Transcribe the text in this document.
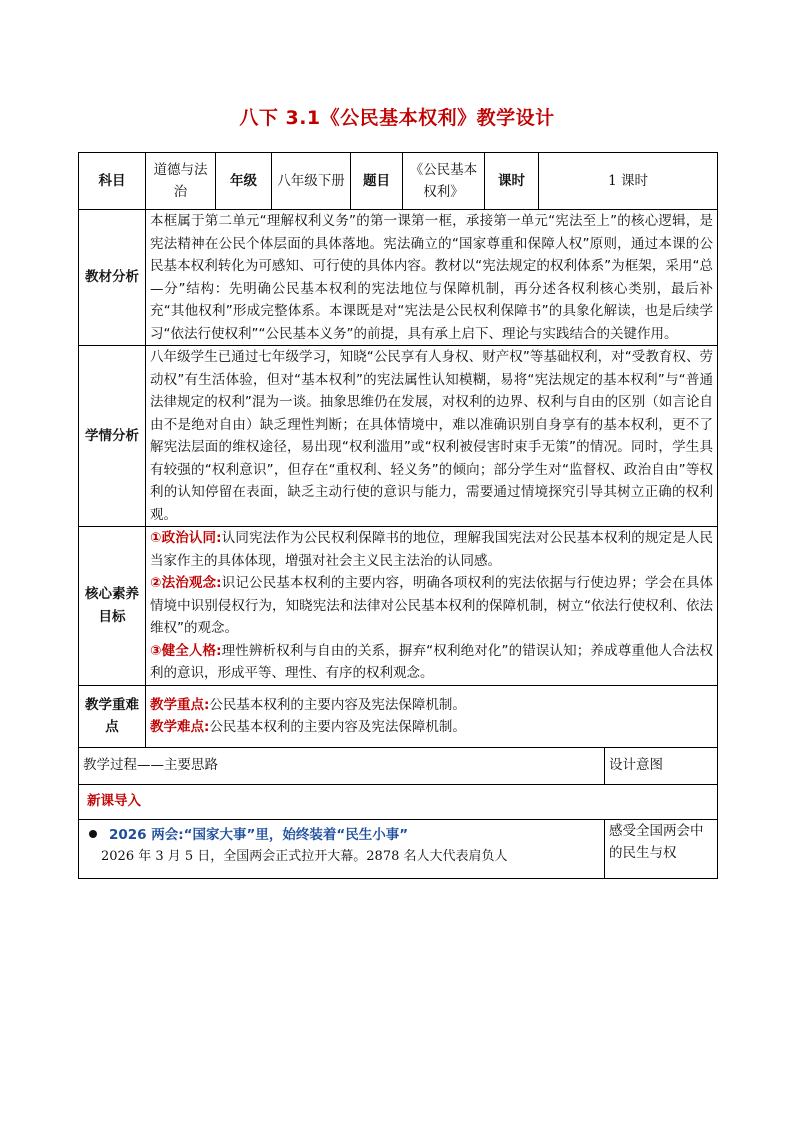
八下 3.1《公民基本权利》教学设计
科目	道德与法治	年级	八年级下册	题目	《公民基本权利》	课时	1 课时	
教材分析	本框属于第二单元“理解权利义务”的第一课第一框，承接第一单元“宪法至上”的核心逻辑，是宪法精神在公民个体层面的具体落地。宪法确立的“国家尊重和保障人权”原则，通过本课的公民基本权利转化为可感知、可行使的具体内容。教材以“宪法规定的权利体系”为框架，采用“总—分”结构：先明确公民基本权利的宪法地位与保障机制，再分述各权利核心类别，最后补充“其他权利”形成完整体系。本课既是对“宪法是公民权利保障书”的具象化解读，也是后续学习“依法行使权利”“公民基本义务”的前提，具有承上启下、理论与实践结合的关键作用。							
学情分析	八年级学生已通过七年级学习，知晓“公民享有人身权、财产权”等基础权利，对“受教育权、劳动权”有生活体验，但对“基本权利”的宪法属性认知模糊，易将“宪法规定的基本权利”与“普通法律规定的权利”混为一谈。抽象思维仍在发展，对权利的边界、权利与自由的区别（如言论自由不是绝对自由）缺乏理性判断；在具体情境中，难以准确识别自身享有的基本权利，更不了解宪法层面的维权途径，易出现“权利滥用”或“权利被侵害时束手无策”的情况。同时，学生具有较强的“权利意识”，但存在“重权利、轻义务”的倾向；部分学生对“监督权、政治自由”等权利的认知停留在表面，缺乏主动行使的意识与能力，需要通过情境探究引导其树立正确的权利观。							
核心素养目标	①政治认同:认同宪法作为公民权利保障书的地位，理解我国宪法对公民基本权利的规定是人民当家作主的具体体现，增强对社会主义民主法治的认同感。
②法治观念:识记公民基本权利的主要内容，明确各项权利的宪法依据与行使边界；学会在具体情境中识别侵权行为，知晓宪法和法律对公民基本权利的保障机制，树立“依法行使权利、依法维权”的观念。
③健全人格:理性辨析权利与自由的关系，摒弃“权利绝对化”的错误认知；养成尊重他人合法权利的意识，形成平等、理性、有序的权利观念。							

教学重难点	教学重点:公民基本权利的主要内容及宪法保障机制。
教学难点:公民基本权利的主要内容及宪法保障机制。							

教学过程——主要思路								设计意图
新课导入								

2026 两会:“国家大事”里，始终装着“民生小事”
2026 年 3 月 5 日，全国两会正式拉开大幕。2878 名人大代表肩负人								感受全国两会中的民生与权
